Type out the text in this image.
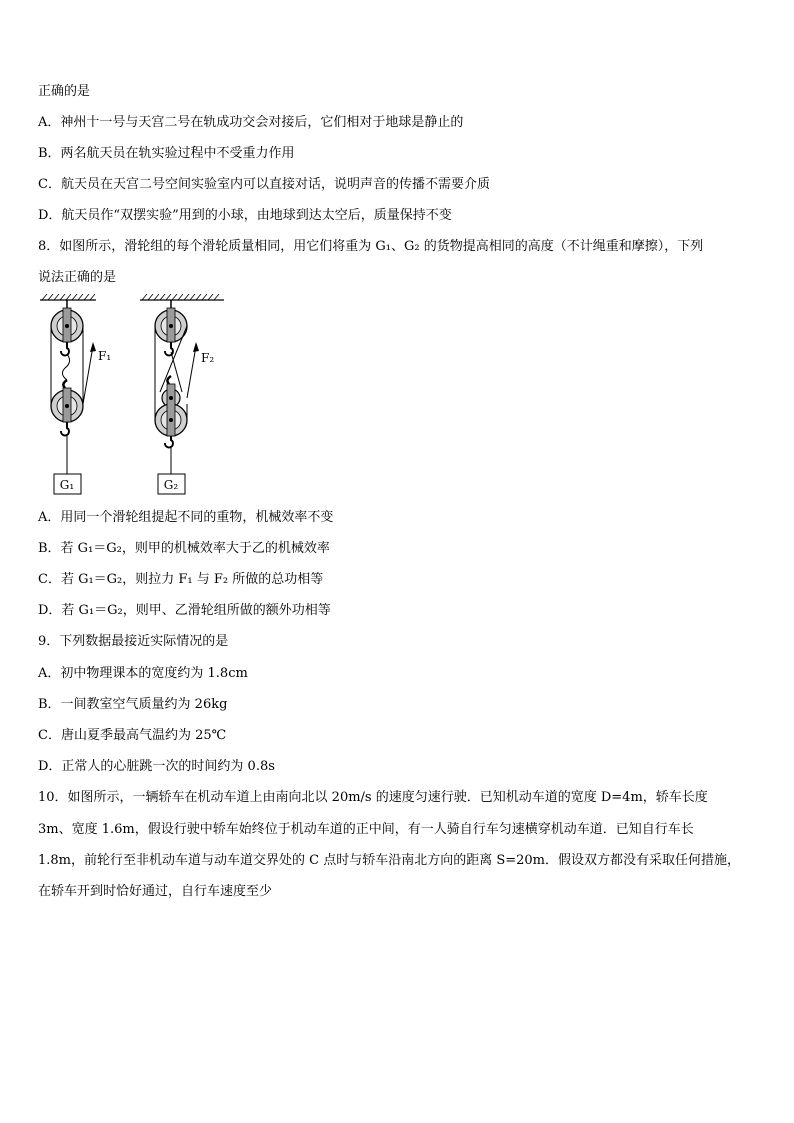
正确的是
A．神州十一号与天宫二号在轨成功交会对接后，它们相对于地球是静止的
B．两名航天员在轨实验过程中不受重力作用
C．航天员在天宫二号空间实验室内可以直接对话，说明声音的传播不需要介质
D．航天员作“双摆实验”用到的小球，由地球到达太空后，质量保持不变
8．如图所示，滑轮组的每个滑轮质量相同，用它们将重为 G₁、G₂ 的货物提高相同的高度（不计绳重和摩擦），下列
说法正确的是
G₁
F₁
G₂
F₂
A．用同一个滑轮组提起不同的重物，机械效率不变
B．若 G₁＝G₂，则甲的机械效率大于乙的机械效率
C．若 G₁＝G₂，则拉力 F₁ 与 F₂ 所做的总功相等
D．若 G₁＝G₂，则甲、乙滑轮组所做的额外功相等
9．下列数据最接近实际情况的是
A．初中物理课本的宽度约为 1.8cm
B．一间教室空气质量约为 26kg
C．唐山夏季最高气温约为 25℃
D．正常人的心脏跳一次的时间约为 0.8s
10．如图所示，一辆轿车在机动车道上由南向北以 20m/s 的速度匀速行驶．已知机动车道的宽度 D=4m，轿车长度
3m、宽度 1.6m，假设行驶中轿车始终位于机动车道的正中间，有一人骑自行车匀速横穿机动车道．已知自行车长
1.8m，前轮行至非机动车道与动车道交界处的 C 点时与轿车沿南北方向的距离 S=20m．假设双方都没有采取任何措施，
在轿车开到时恰好通过，自行车速度至少
